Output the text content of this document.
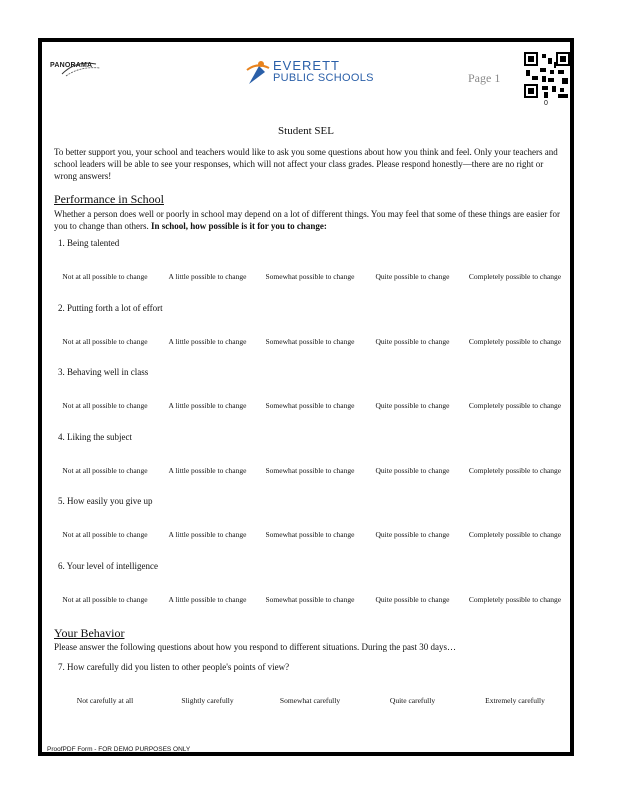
PANORAMA	EVERETT
PUBLIC SCHOOLS	Page 1
0
Student SEL
To better support you, your school and teachers would like to ask you some questions about how you think and feel. Only your teachers and school leaders will be able to see your responses, which will not affect your class grades. Please respond honestly—there are no right or wrong answers!
Performance in School
Whether a person does well or poorly in school may depend on a lot of different things. You may feel that some of these things are easier for you to change than others. In school, how possible is it for you to change:
1. Being talented
Not at all possible to change	A little possible to change	Somewhat possible to change	Quite possible to change	Completely possible to change
2. Putting forth a lot of effort
Not at all possible to change	A little possible to change	Somewhat possible to change	Quite possible to change	Completely possible to change
3. Behaving well in class
Not at all possible to change	A little possible to change	Somewhat possible to change	Quite possible to change	Completely possible to change
4. Liking the subject
Not at all possible to change	A little possible to change	Somewhat possible to change	Quite possible to change	Completely possible to change
5. How easily you give up
Not at all possible to change	A little possible to change	Somewhat possible to change	Quite possible to change	Completely possible to change
6. Your level of intelligence
Not at all possible to change	A little possible to change	Somewhat possible to change	Quite possible to change	Completely possible to change
Your Behavior
Please answer the following questions about how you respond to different situations. During the past 30 days…
7. How carefully did you listen to other people's points of view?
Not carefully at all	Slightly carefully	Somewhat carefully	Quite carefully	Extremely carefully
ProofPDF Form - FOR DEMO PURPOSES ONLY
